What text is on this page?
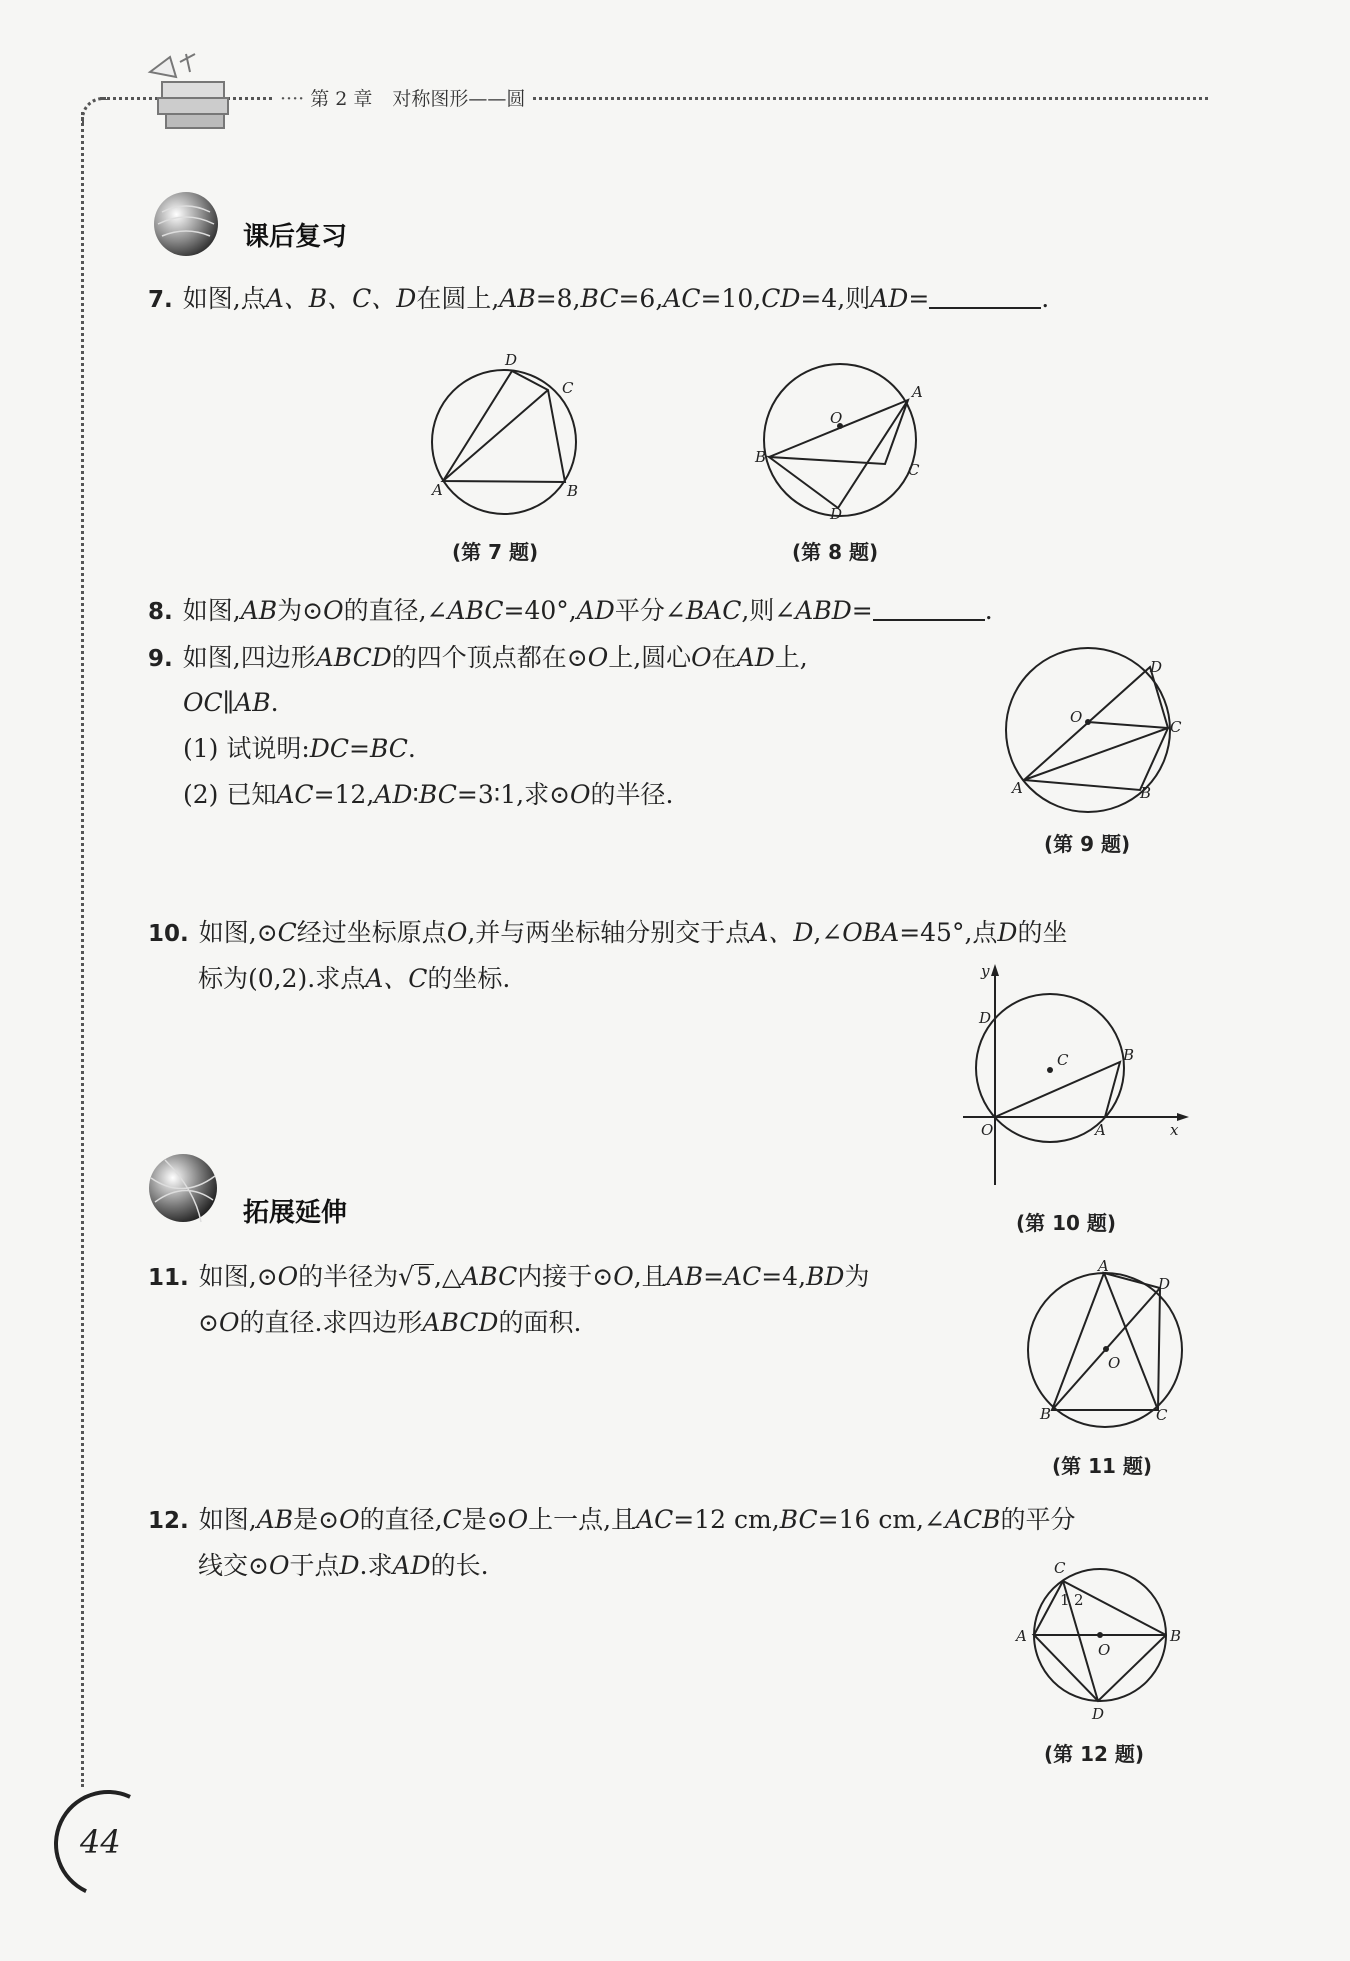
···· 第 2 章 对称图形——圆
课后复习
7. 如图,点A、B、C、D在圆上,AB=8,BC=6,AC=10,CD=4,则AD=	.
A	B
C
D
(第 7 题)
A
B
C
D
O
(第 8 题)
8. 如图,AB为⊙O的直径,∠ABC=40°,AD平分∠BAC,则∠ABD=	.
9. 如图,四边形ABCD的四个顶点都在⊙O上,圆心O在AD上,
OC∥AB.
(1) 试说明:DC=BC.
(2) 已知AC=12,AD∶BC=3∶1,求⊙O的半径.	A	B
C
D
O
(第 9 题)
10. 如图,⊙C经过坐标原点O,并与两坐标轴分别交于点A、D,∠OBA=45°,点D的坐
标为(0,2).求点A、C的坐标.
O	A
B
C
D
x
y
(第 10 题)
拓展延伸
11. 如图,⊙O的半径为√5,△ABC内接于⊙O,且AB=AC=4,BD为
⊙O的直径.求四边形ABCD的面积.
A
B	C
D
O
(第 11 题)
12. 如图,AB是⊙O的直径,C是⊙O上一点,且AC=12 cm,BC=16 cm,∠ACB的平分
线交⊙O于点D.求AD的长.
A	B
C
D
O
1 2
(第 12 题)
44
